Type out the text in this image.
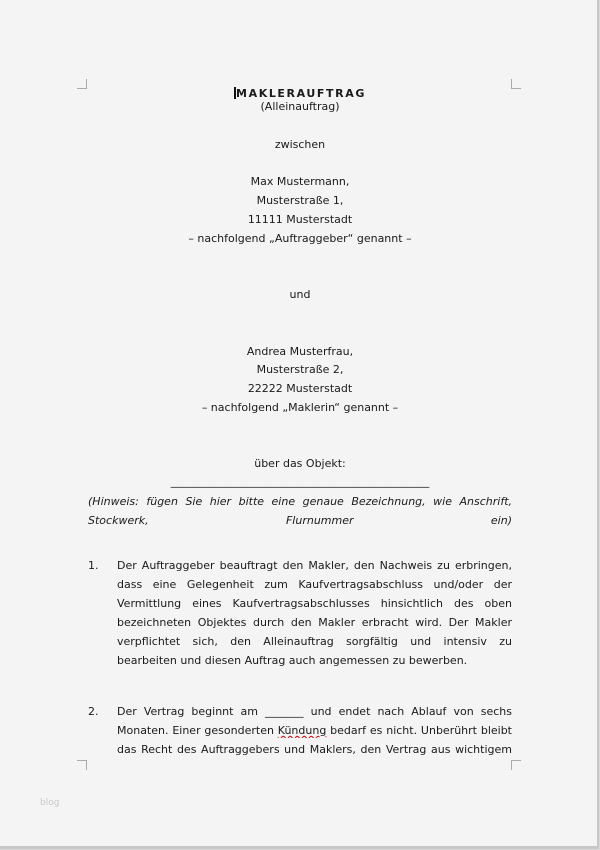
MAKLERAUFTRAG
(Alleinauftrag)
zwischen
Max Mustermann,
Musterstraße 1,
11111 Musterstadt
– nachfolgend „Auftraggeber“ genannt –
und
Andrea Musterfrau,
Musterstraße 2,
22222 Musterstadt
– nachfolgend „Maklerin“ genannt –
über das Objekt:
_______________________________________________
(Hinweis: fügen Sie hier bitte eine genaue Bezeichnung, wie Anschrift,
Stockwerk, Flurnummer ein)
1. Der Auftraggeber beauftragt den Makler, den Nachweis zu erbringen,
dass eine Gelegenheit zum Kaufvertragsabschluss und/oder der
Vermittlung eines Kaufvertragsabschlusses hinsichtlich des oben
bezeichneten Objektes durch den Makler erbracht wird. Der Makler
verpflichtet sich, den Alleinauftrag sorgfältig und intensiv zu
bearbeiten und diesen Auftrag auch angemessen zu bewerben.
2. Der Vertrag beginnt am _______ und endet nach Ablauf von sechs
Monaten. Einer gesonderten Kündung bedarf es nicht. Unberührt bleibt
das Recht des Auftraggebers und Maklers, den Vertrag aus wichtigem
blog
